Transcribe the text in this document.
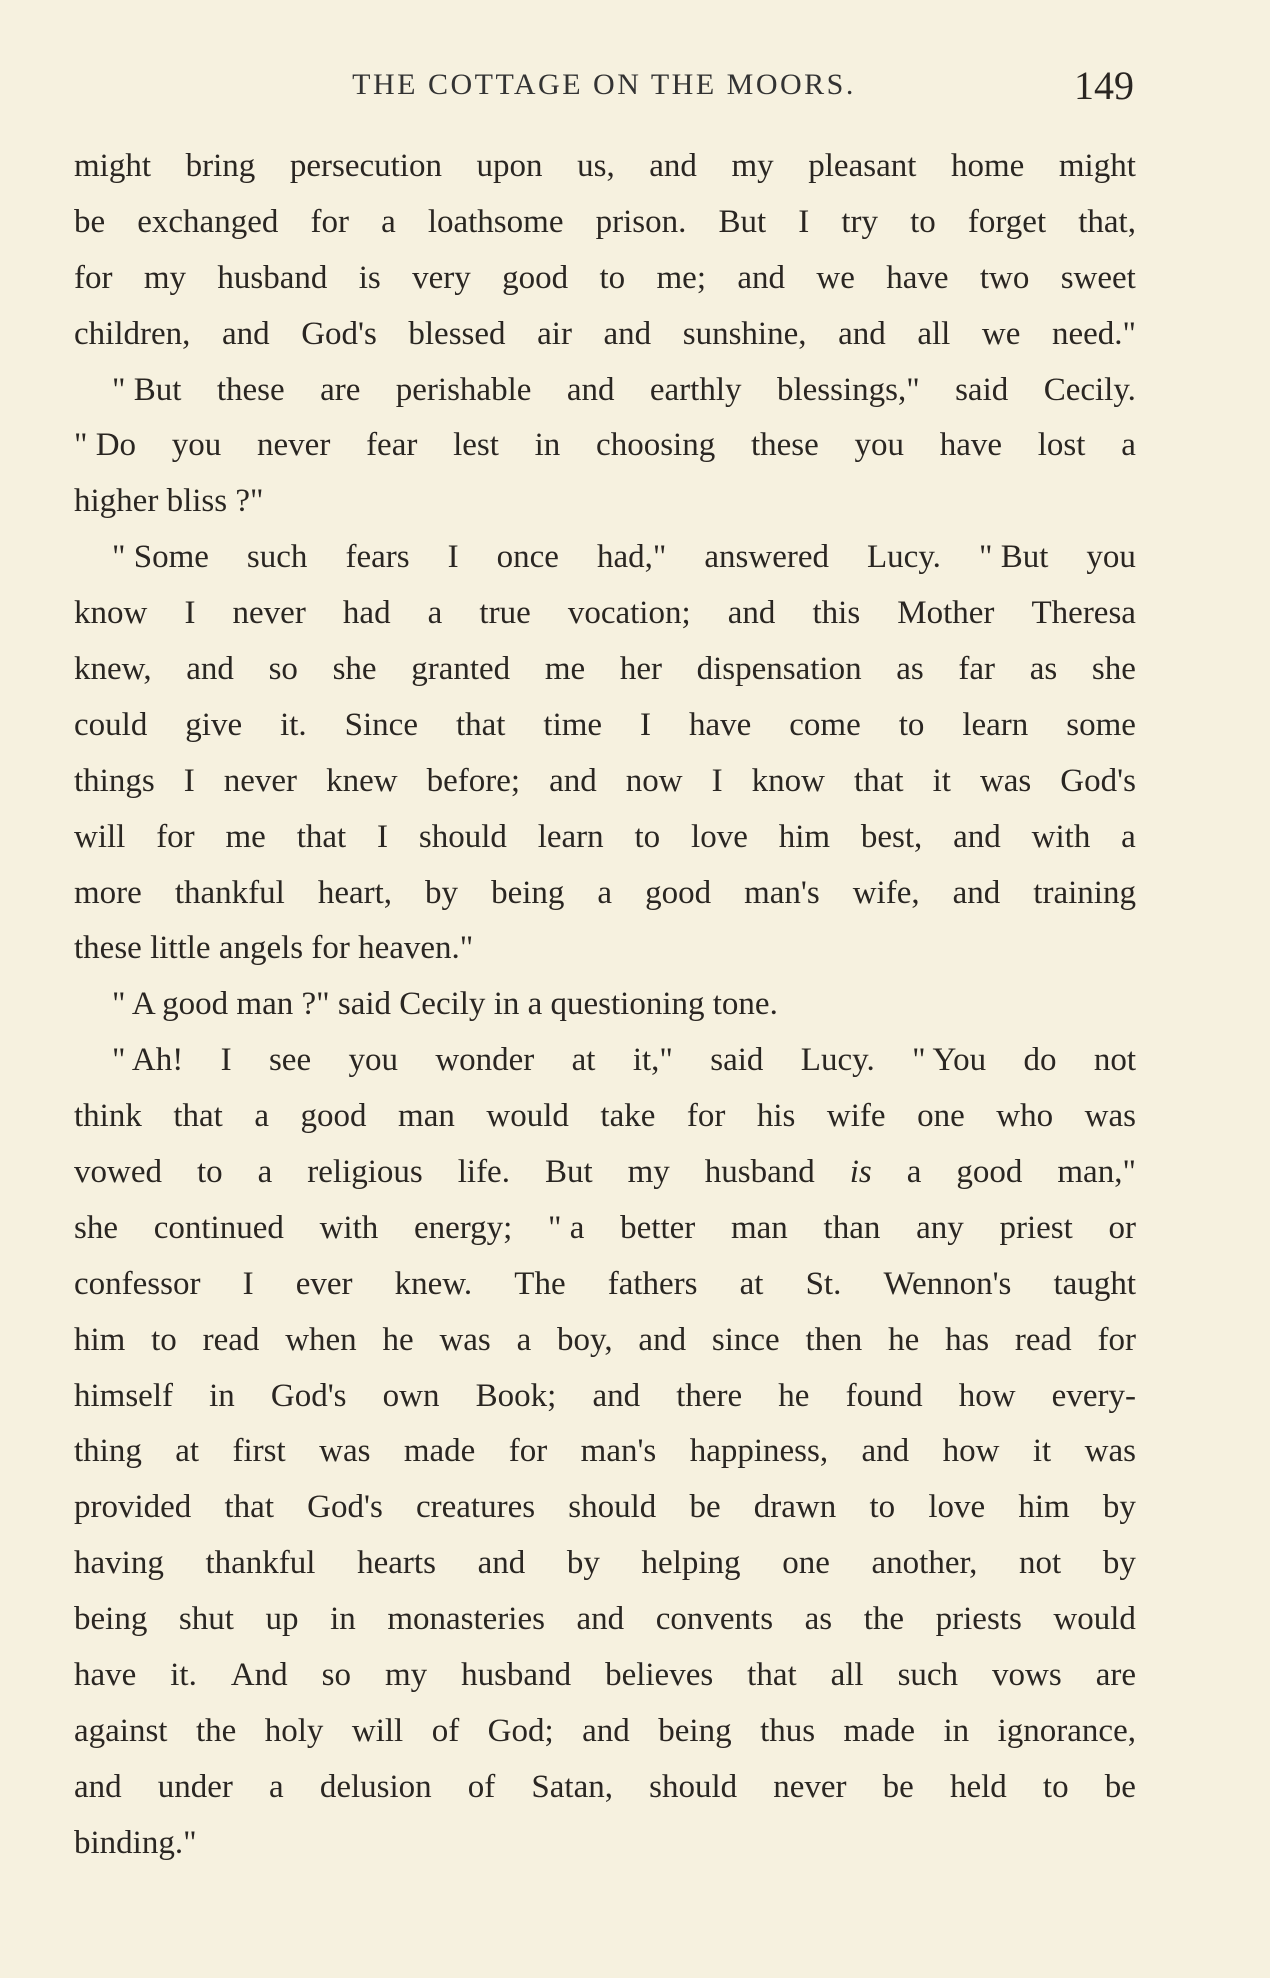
THE COTTAGE ON THE MOORS.	149
might bring persecution upon us, and my pleasant home might
be exchanged for a loathsome prison. But I try to forget that,
for my husband is very good to me; and we have two sweet
children, and God's blessed air and sunshine, and all we need."
" But these are perishable and earthly blessings," said Cecily.
" Do you never fear lest in choosing these you have lost a
higher bliss ?"
" Some such fears I once had," answered Lucy. " But you
know I never had a true vocation; and this Mother Theresa
knew, and so she granted me her dispensation as far as she
could give it. Since that time I have come to learn some
things I never knew before; and now I know that it was God's
will for me that I should learn to love him best, and with a
more thankful heart, by being a good man's wife, and training
these little angels for heaven."
" A good man ?" said Cecily in a questioning tone.
" Ah! I see you wonder at it," said Lucy. " You do not
think that a good man would take for his wife one who was
vowed to a religious life. But my husband is a good man,"
she continued with energy; " a better man than any priest or
confessor I ever knew. The fathers at St. Wennon's taught
him to read when he was a boy, and since then he has read for
himself in God's own Book; and there he found how every-
thing at first was made for man's happiness, and how it was
provided that God's creatures should be drawn to love him by
having thankful hearts and by helping one another, not by
being shut up in monasteries and convents as the priests would
have it. And so my husband believes that all such vows are
against the holy will of God; and being thus made in ignorance,
and under a delusion of Satan, should never be held to be
binding."
